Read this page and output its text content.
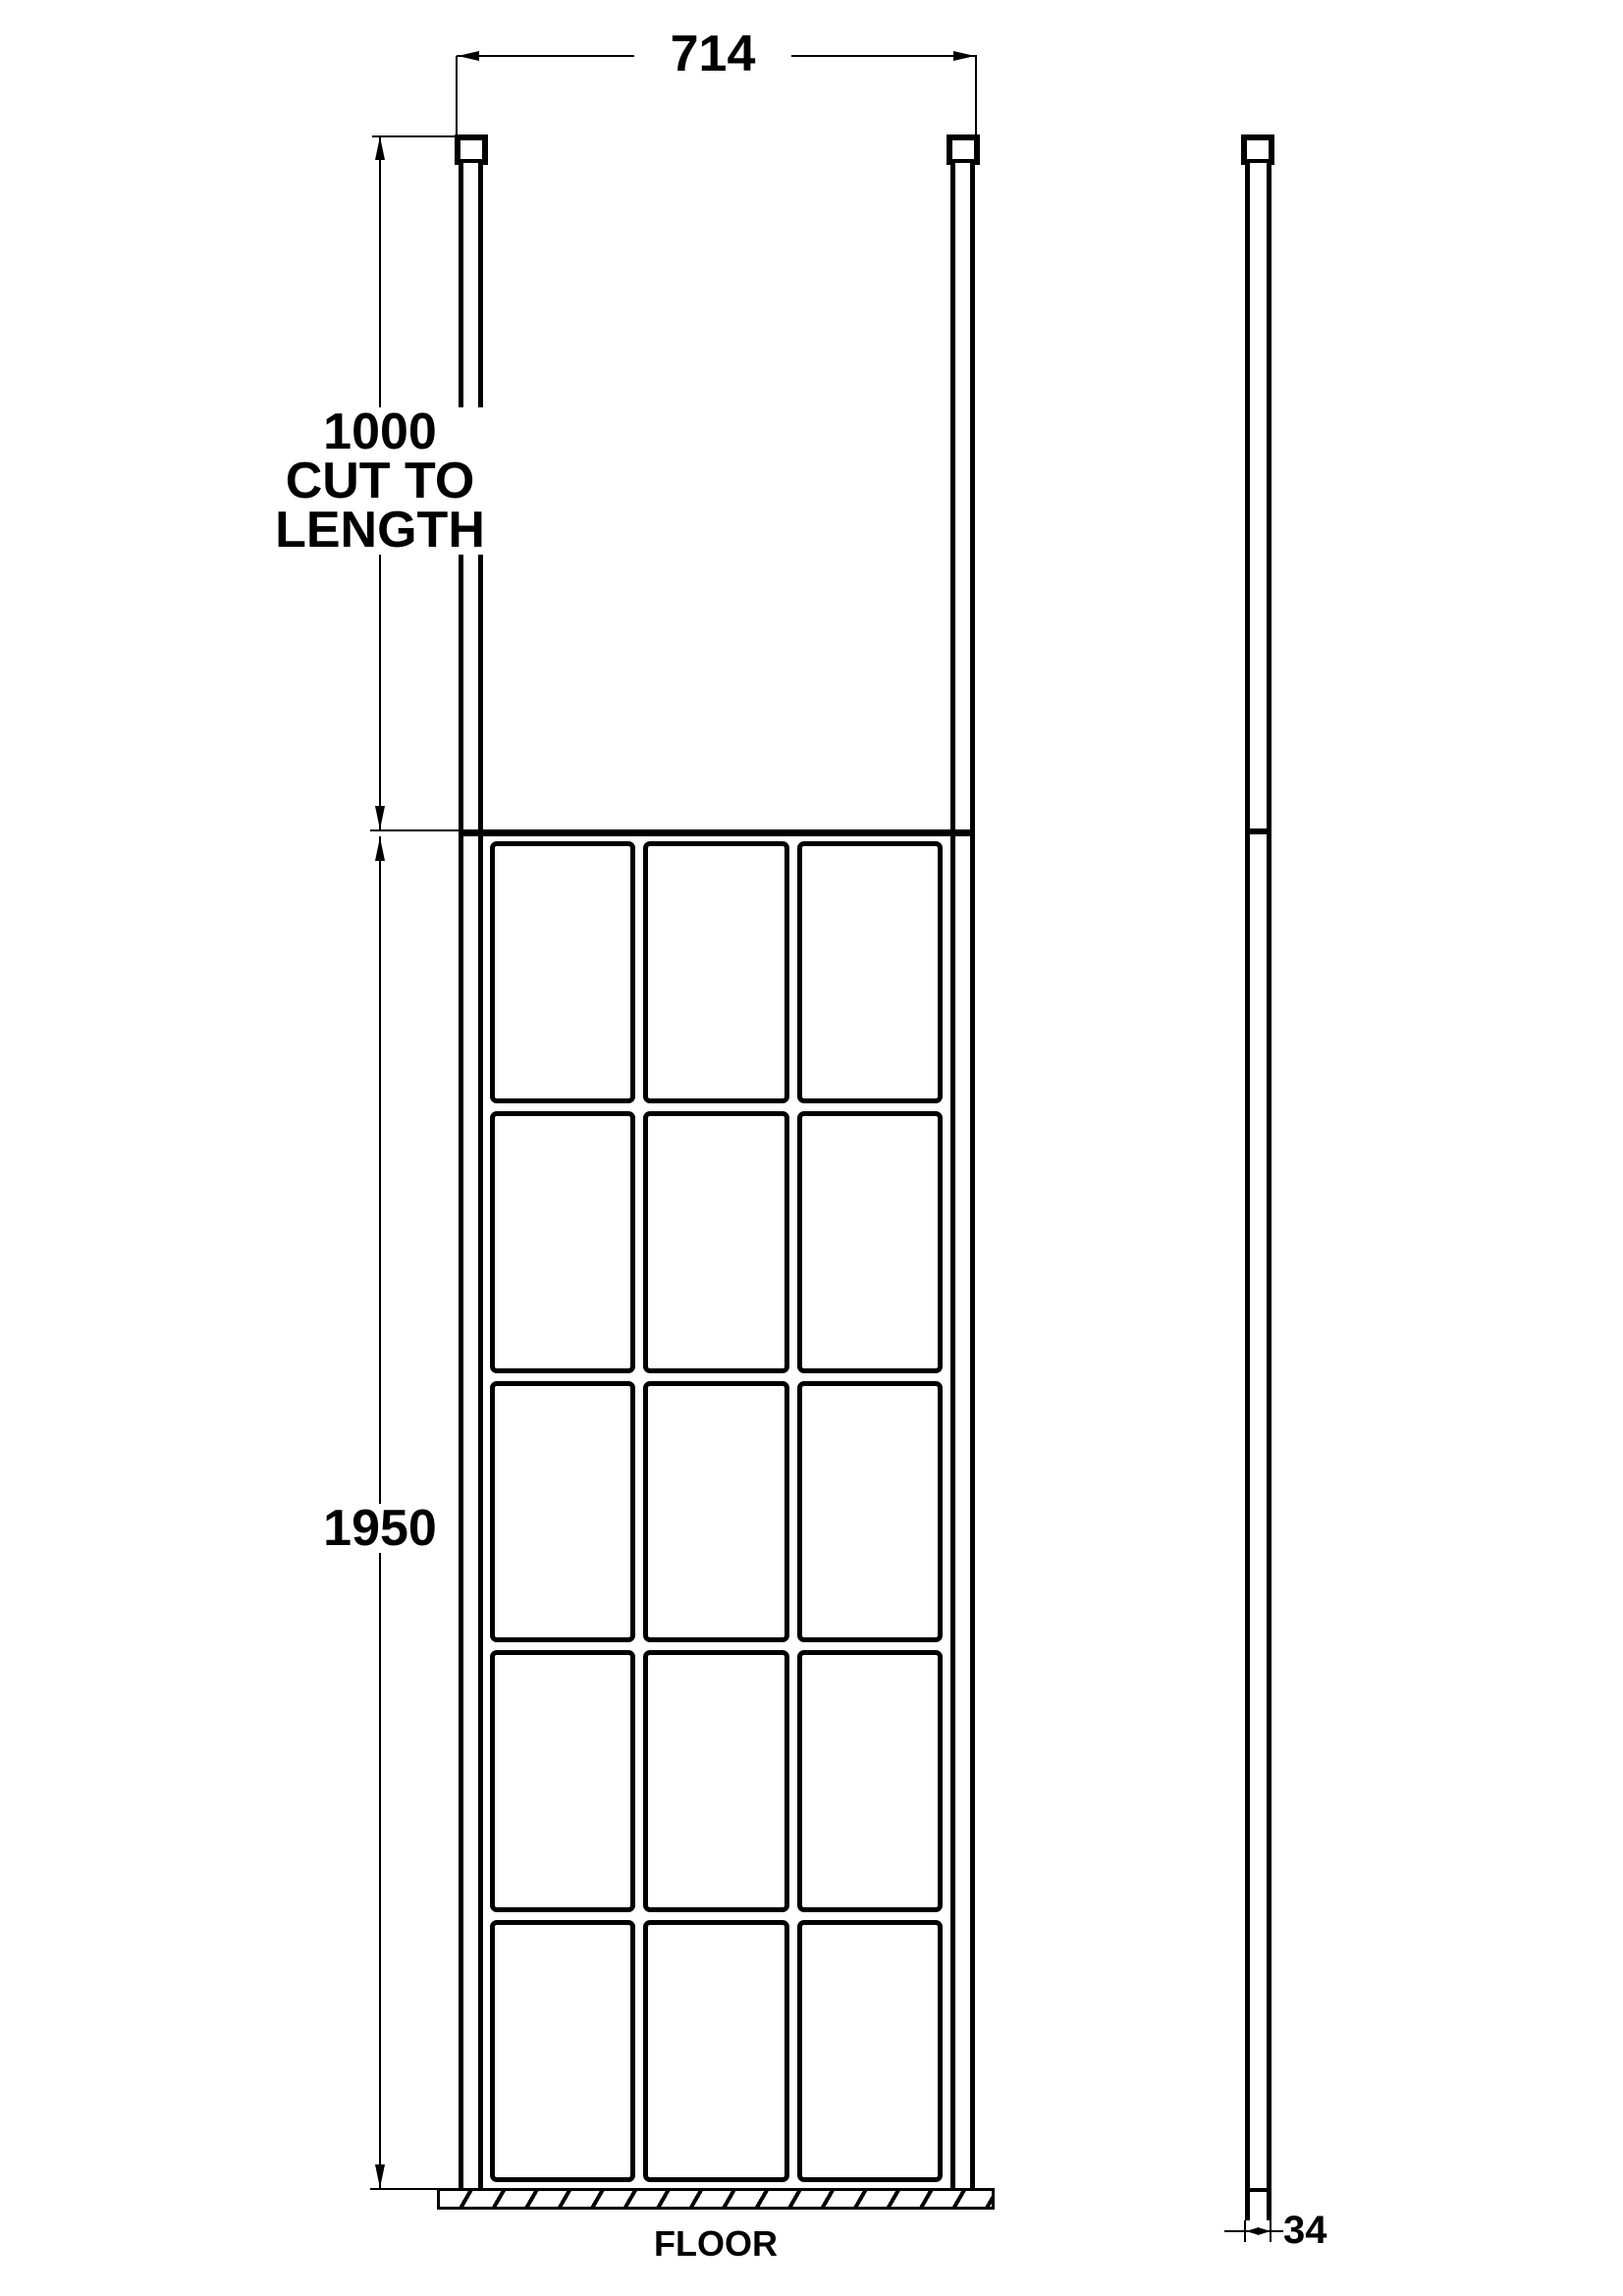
FLOOR
714
1000
CUT TO
LENGTH
1950
34
